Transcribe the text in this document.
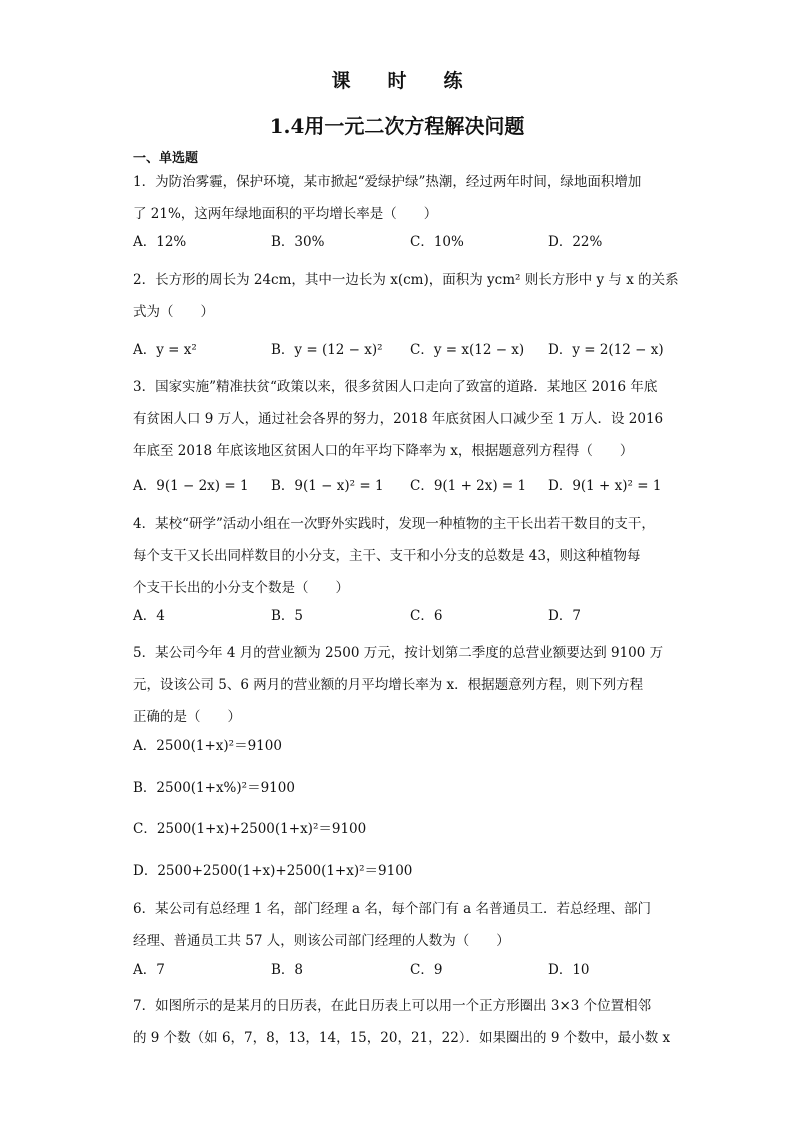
课 时 练
1.4用一元二次方程解决问题
一、单选题
1．为防治雾霾，保护环境，某市掀起“爱绿护绿”热潮，经过两年时间，绿地面积增加
了 21%，这两年绿地面积的平均增长率是（　　）
A．12%	B．30%	C．10%	D．22%
2．长方形的周长为 24cm，其中一边长为 x(cm)，面积为 ycm² 则长方形中 y 与 x 的关系
式为（　　）
A．y = x²	B．y = (12 − x)² C．y = x(12 − x) D．y = 2(12 − x)
3．国家实施”精准扶贫“政策以来，很多贫困人口走向了致富的道路．某地区 2016 年底
有贫困人口 9 万人，通过社会各界的努力，2018 年底贫困人口减少至 1 万人．设 2016
年底至 2018 年底该地区贫困人口的年平均下降率为 x，根据题意列方程得（　　）
A．9(1 − 2x) = 1 B．9(1 − x)² = 1 C．9(1 + 2x) = 1 D．9(1 + x)² = 1
4．某校“研学”活动小组在一次野外实践时，发现一种植物的主干长出若干数目的支干，
每个支干又长出同样数目的小分支，主干、支干和小分支的总数是 43，则这种植物每
个支干长出的小分支个数是（　　）
A．4	B．5	C．6	D．7
5．某公司今年 4 月的营业额为 2500 万元，按计划第二季度的总营业额要达到 9100 万
元，设该公司 5、6 两月的营业额的月平均增长率为 x．根据题意列方程，则下列方程
正确的是（　　）
A．2500(1+x)²＝9100
B．2500(1+x%)²＝9100
C．2500(1+x)+2500(1+x)²＝9100
D．2500+2500(1+x)+2500(1+x)²＝9100
6．某公司有总经理 1 名，部门经理 a 名，每个部门有 a 名普通员工．若总经理、部门
经理、普通员工共 57 人，则该公司部门经理的人数为（　　）
A．7	B．8	C．9	D．10
7．如图所示的是某月的日历表，在此日历表上可以用一个正方形圈出 3×3 个位置相邻
的 9 个数（如 6，7，8，13，14，15，20，21，22）．如果圈出的 9 个数中，最小数 x
